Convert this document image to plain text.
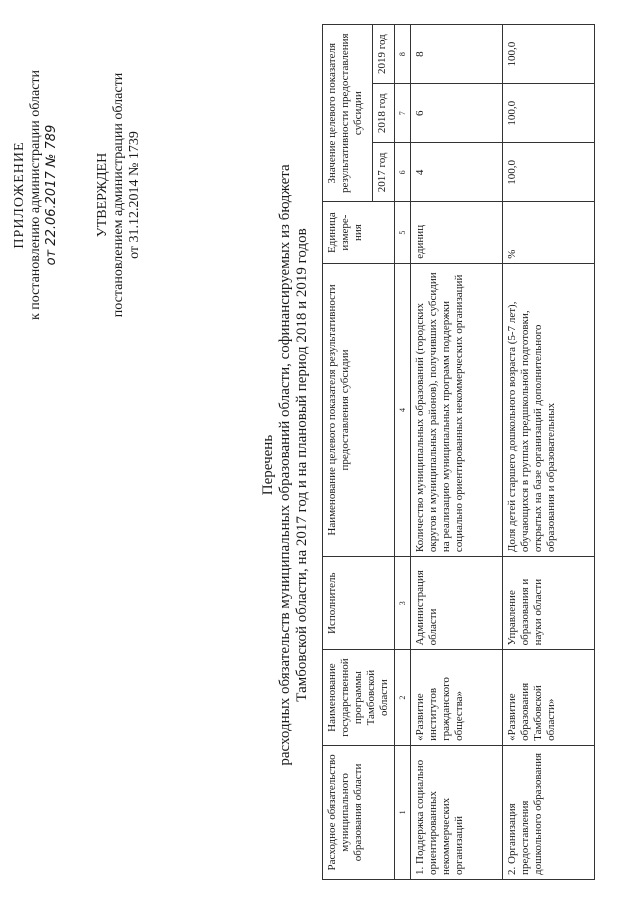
ПРИЛОЖЕНИЕ к постановлению администрации области от 22.06.2017 № 789	УТВЕРЖДЕН постановлением администрации области от 31.12.2014 № 1739
Перечень расходных обязательств муниципальных образований области, софинансируемых из бюджета Тамбовской области, на 2017 год и на плановый период 2018 и 2019 годов
Расходное обязательство муниципального образования области	Наименование государственной программы Тамбовской области	Исполнитель	Наименование целевого показателя результативности предоставления субсидии	Единица измере-ния	Значение целевого показателя результативности предоставления субсидии		
					2017 год	2018 год	2019 год
1	2	3	4	5	6	7	8
1. Поддержка социально ориентированных некоммерческих организаций	«Развитие институтов гражданского общества»	Администрация области	Количество муниципальных образований (городских округов и муниципальных районов), получивших субсидии на реализацию муниципальных программ поддержки социально ориентированных некоммерческих организаций	единиц	4	6	8
2. Организация предоставления дошкольного образования	«Развитие образования Тамбовской области»	Управление образования и науки области	Доля детей старшего дошкольного возраста (5-7 лет), обучающихся в группах предшкольной подготовки, открытых на базе организаций дополнительного образования и образовательных	%	100,0	100,0	100,0
